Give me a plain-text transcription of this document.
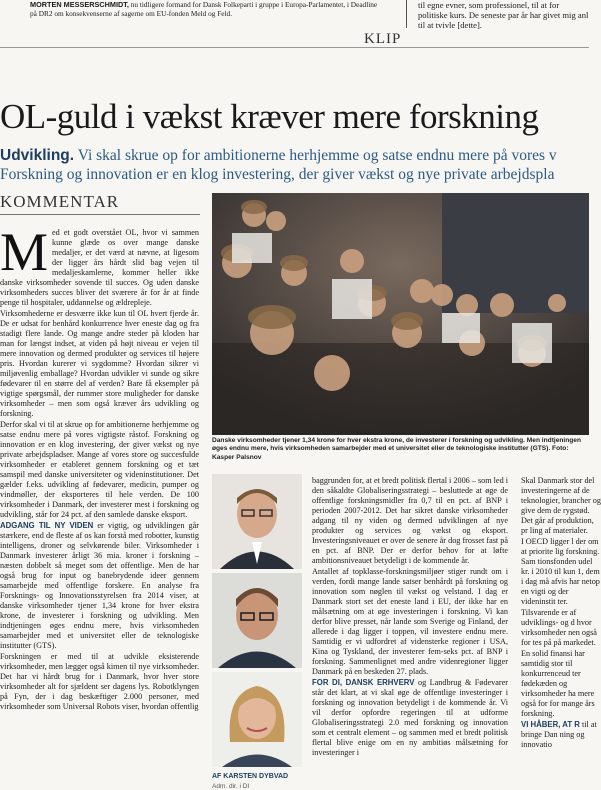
MORTEN MESSERSCHMIDT, nu tidligere formand for Dansk Folkeparti i gruppe i Europa-Parlamentet, i Deadline på DR2 om konsekvenserne af sagerne om EU-fonden Meld og Feld.
til egne evner, som professionel, til at for politiske kurs. De seneste par år har givet mig anl til at tvivle [dette].
KLIP
OL-guld i vækst kræver mere forskning
Udvikling. Vi skal skrue op for ambitionerne herhjemme og satse endnu mere på vores v
Forskning og innovation er en klog investering, der giver vækst og nye private arbejdspla
KOMMENTAR

Med et godt overstået OL, hvor vi sammen kunne glæde os over mange danske medaljer, er det værd at nævne, at ligesom der ligger års hårdt slid bag vejen til medaljeskamlerne, kommer heller ikke danske virksomheder sovende til succes. Og uden danske virksomheders succes bliver det sværere år for år at finde penge til hospitaler, uddannelse og ældrepleje.

Virksomhederne er desværre ikke kun til OL hvert fjerde år. De er udsat for benhård konkurrence hver eneste dag og fra stadigt flere lande. Og mange andre steder på kloden har man for længst indset, at viden på højt niveau er vejen til mere innovation og dermed produkter og services til højere pris. Hvordan kurerer vi sygdomme? Hvordan sikrer vi miljøvenlig emballage? Hvordan udvikler vi sunde og sikre fødevarer til en større del af verden? Bare få eksempler på vigtige spørgsmål, der rummer store muligheder for danske virksomheder – men som også kræver års udvikling og forskning.

Derfor skal vi til at skrue op for ambitionerne herhjemme og satse endnu mere på vores vigtigste råstof. Forskning og innovation er en klog investering, der giver vækst og nye private arbejdspladser. Mange af vores store og succesfulde virksomheder er etableret gennem forskning og et tæt samspil med danske universiteter og videninstitutioner. Det gælder f.eks. udvikling af fødevarer, medicin, pumper og vindmøller, der eksporteres til hele verden. De 100 virksomheder i Danmark, der investerer mest i forskning og udvikling, står for 24 pct. af den samlede danske eksport.

ADGANG TIL NY VIDEN er vigtig, og udviklingen går stærkere, end de fleste af os kan forstå med robotter, kunstig intelligens, droner og selvkørende biler. Virksomheder i Danmark investerer årligt 36 mia. kroner i forskning – næsten dobbelt så meget som det offentlige. Men de har også brug for input og banebrydende ideer gennem samarbejde med offentlige forskere. En analyse fra Forsknings- og Innovationsstyrelsen fra 2014 viser, at danske virksomheder tjener 1,34 krone for hver ekstra krone, de investerer i forskning og udvikling. Men indtjeningen øges endnu mere, hvis virksomheden samarbejder med et universitet eller de teknologiske institutter (GTS).

Forskningen er med til at udvikle eksisterende virksomheder, men lægger også kimen til nye virksomheder. Det har vi hårdt brug for i Danmark, hvor hver store virksomheder alt for sjældent ser dagens lys. Robotklyngen på Fyn, der i dag beskæftiger 2.000 personer, med virksomheder som Universal Robots viser, hvordan offentlig

Danske virksomheder tjener 1,34 krone for hver ekstra krone, de investerer i forskning og udvikling. Men indtjeningen øges endnu mere, hvis virksomheden samarbejder med et universitet eller de teknologiske institutter (GTS). Foto: Kasper Palsnov
AF KARSTEN DYBVAD
Adm. dir. i DI

baggrunden for, at et bredt politisk flertal i 2006 – som led i den såkaldte Globaliseringsstrategi – besluttede at øge de offentlige forskningsmidler fra 0,7 til en pct. af BNP i perioden 2007-2012. Det har sikret danske virksomheder adgang til ny viden og dermed udviklingen af nye produkter og services og vækst og eksport. Investeringsniveauet er over de senere år dog frosset fast på en pct. af BNP. Der er derfor behov for at løfte ambitionsniveauet betydeligt i de kommende år.

Antallet af topklasse-forskningsmiljøer stiger rundt om i verden, fordi mange lande satser benhårdt på forskning og innovation som nøglen til vækst og velstand. I dag er Danmark stort set det eneste land i EU, der ikke har en målsætning om at øge investeringen i forskning. Vi kan derfor blive presset, når lande som Sverige og Finland, der allerede i dag ligger i toppen, vil investere endnu mere. Samtidig er vi udfordret af vidensterke regioner i USA, Kina og Tyskland, der investerer fem-seks pct. af BNP i forskning. Sammenlignet med andre videnregioner ligger Danmark på en beskeden 27. plads.

FOR DI, DANSK ERHVERV og Landbrug & Fødevarer står det klart, at vi skal øge de offentlige investeringer i forskning og innovation betydeligt i de kommende år. Vi vil derfor opfordre regeringen til at udforme Globaliseringsstrategi 2.0 med forskning og innovation som et centralt element – og sammen med et bredt politisk flertal blive enige om en ny ambitiøs målsætning for investeringer i

Skal Danmark stor del investeringerne af de teknologier, brancher og give dem de rygstød. Det går af produktion, pr ling af materialer.

I OECD ligger l der om at priorite lig forskning. Sam tionsfonden udel kr. i 2010 til kun 1, dem i dag må afvis har netop en vigti og der videninstit ter.

Tilsvarende er af udviklings- og d hvor virksomheder nen også for tes på på markedet.

En solid finansi har samtidig stor til konkurrenceud ter fødekæden og virksomheder ha mere også for for mange års forskning.

VI HÅBER, AT R til at bringe Dan ning og innovatio
